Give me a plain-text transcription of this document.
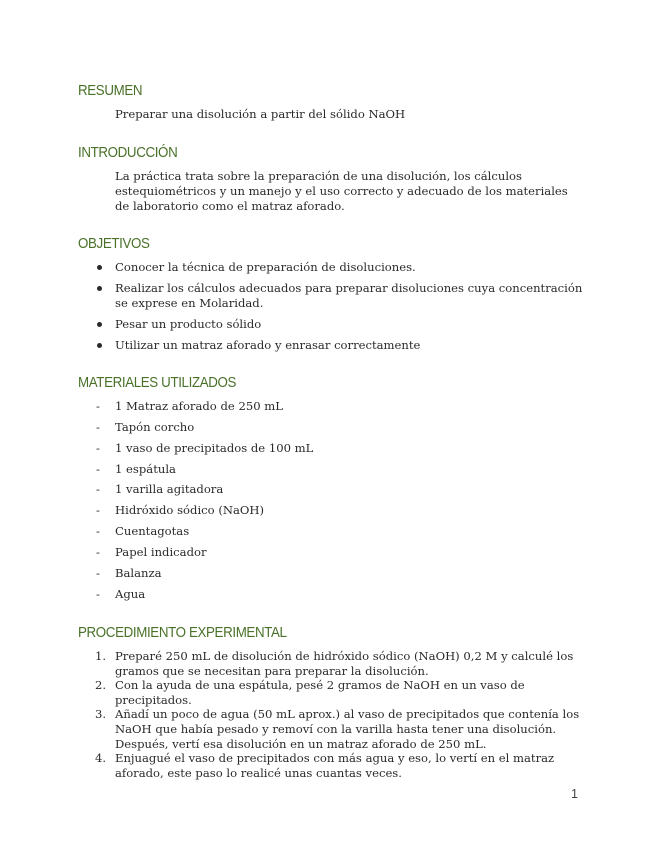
RESUMEN

Preparar una disolución a partir del sólido NaOH

INTRODUCCIÓN

La práctica trata sobre la preparación de una disolución, los cálculos estequiométricos y un manejo y el uso correcto y adecuado de los materiales de laboratorio como el matraz aforado.

OBJETIVOS
Conocer la técnica de preparación de disoluciones.
Realizar los cálculos adecuados para preparar disoluciones cuya concentración se exprese en Molaridad.
Pesar un producto sólido
Utilizar un matraz aforado y enrasar correctamente
MATERIALES UTILIZADOS
- 1 Matraz aforado de 250 mL
- Tapón corcho
- 1 vaso de precipitados de 100 mL
- 1 espátula
- 1 varilla agitadora
- Hidróxido sódico (NaOH)
- Cuentagotas
- Papel indicador
- Balanza
- Agua
PROCEDIMIENTO EXPERIMENTAL
1. Preparé 250 mL de disolución de hidróxido sódico (NaOH) 0,2 M y calculé los gramos que se necesitan para preparar la disolución.
2. Con la ayuda de una espátula, pesé 2 gramos de NaOH en un vaso de precipitados.
3. Añadí un poco de agua (50 mL aprox.) al vaso de precipitados que contenía los NaOH que había pesado y removí con la varilla hasta tener una disolución. Después, vertí esa disolución en un matraz aforado de 250 mL.
4. Enjuagué el vaso de precipitados con más agua y eso, lo vertí en el matraz aforado, este paso lo realicé unas cuantas veces.
1
